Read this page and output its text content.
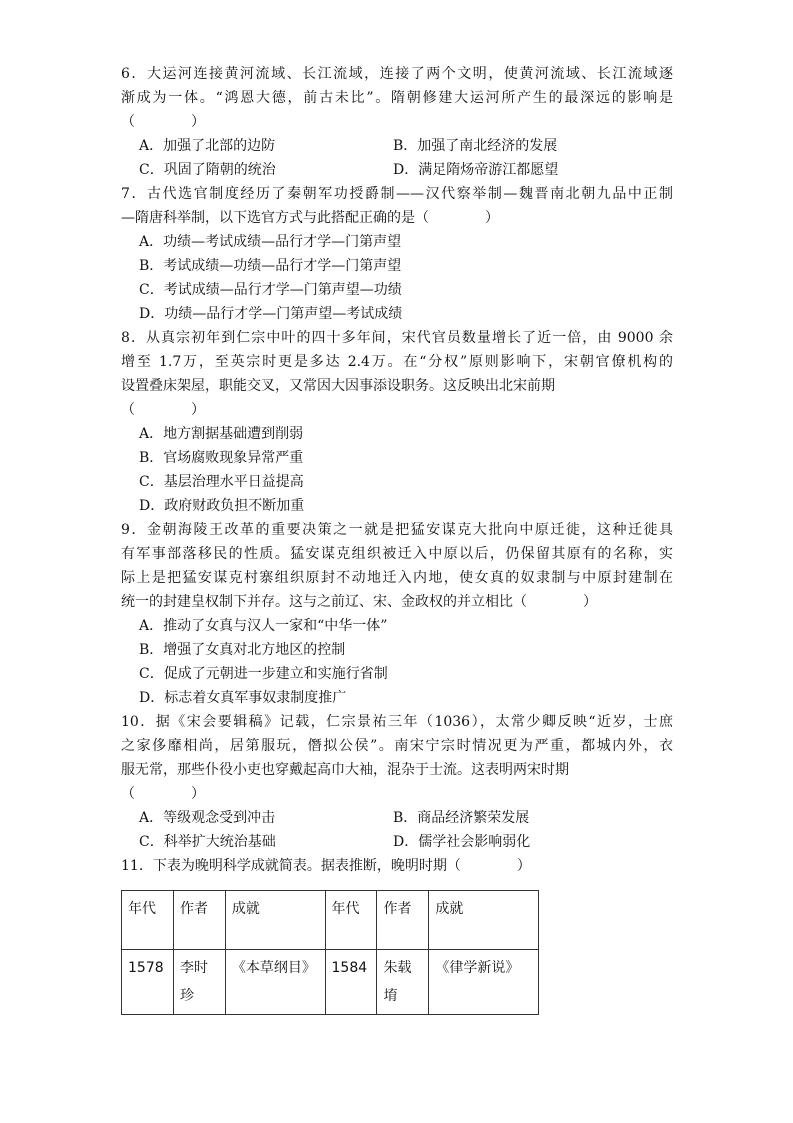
6．大运河连接黄河流域、长江流域，连接了两个文明，使黄河流域、长江流域逐
渐成为一体。“鸿恩大德，前古未比”。隋朝修建大运河所产生的最深远的影响是
（　　　　）
A．加强了北部的边防	B．加强了南北经济的发展
C．巩固了隋朝的统治	D．满足隋炀帝游江都愿望
7．古代选官制度经历了秦朝军功授爵制——汉代察举制—魏晋南北朝九品中正制
—隋唐科举制，以下选官方式与此搭配正确的是（　　　　）
A．功绩—考试成绩—品行才学—门第声望
B．考试成绩—功绩—品行才学—门第声望
C．考试成绩—品行才学—门第声望—功绩
D．功绩—品行才学—门第声望—考试成绩
8．从真宗初年到仁宗中叶的四十多年间，宋代官员数量增长了近一倍，由 9000 余
增至 1.7万，至英宗时更是多达 2.4万。在“分权”原则影响下，宋朝官僚机构的
设置叠床架屋，职能交叉，又常因大因事添设职务。这反映出北宋前期
（　　　　）
A．地方割据基础遭到削弱
B．官场腐败现象异常严重
C．基层治理水平日益提高
D．政府财政负担不断加重
9．金朝海陵王改革的重要决策之一就是把猛安谋克大批向中原迁徙，这种迁徙具
有军事部落移民的性质。猛安谋克组织被迁入中原以后，仍保留其原有的名称，实
际上是把猛安谋克村寨组织原封不动地迁入内地，使女真的奴隶制与中原封建制在
统一的封建皇权制下并存。这与之前辽、宋、金政权的并立相比（　　　　）
A．推动了女真与汉人一家和“中华一体”
B．增强了女真对北方地区的控制
C．促成了元朝进一步建立和实施行省制
D．标志着女真军事奴隶制度推广
10．据《宋会要辑稿》记载，仁宗景祐三年（1036），太常少卿反映“近岁，士庶
之家侈靡相尚，居第服玩，僭拟公侯”。南宋宁宗时情况更为严重，都城内外，衣
服无常，那些仆役小吏也穿戴起高巾大袖，混杂于士流。这表明两宋时期
（　　　　）
A．等级观念受到冲击	B．商品经济繁荣发展
C．科举扩大统治基础	D．儒学社会影响弱化
11．下表为晚明科学成就简表。据表推断，晚明时期（　　　　）
年代	作者	成就	年代	作者	成就
1578	李时珍	《本草纲目》	1584	朱载堉	《律学新说》
